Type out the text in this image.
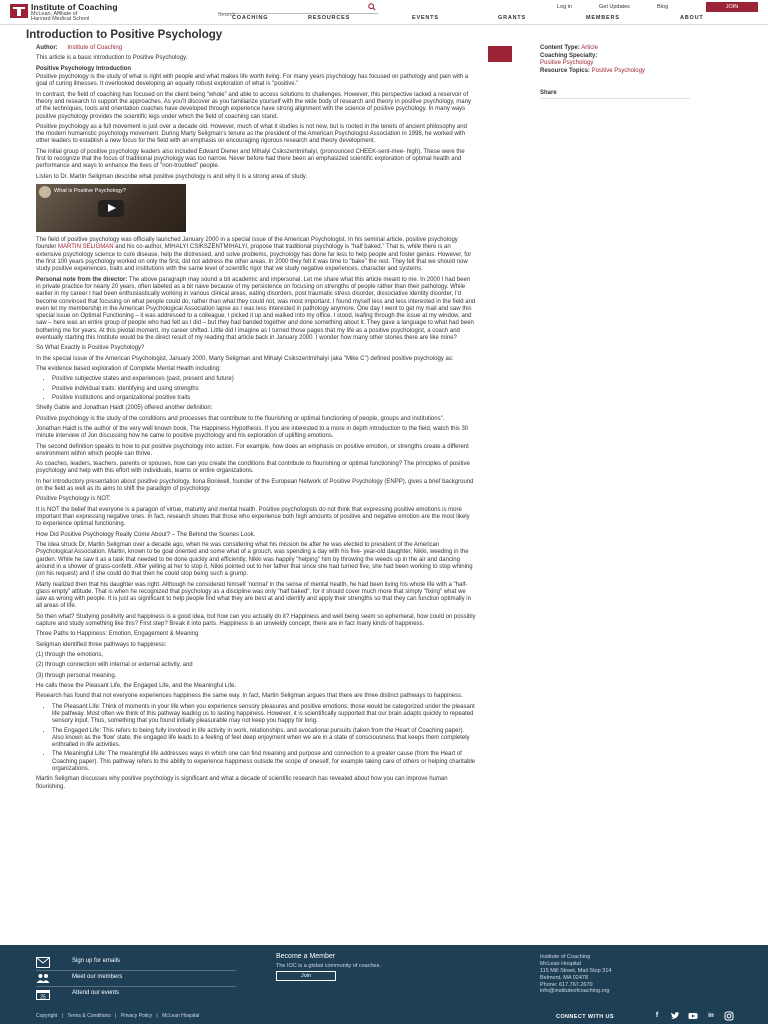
Institute of Coaching
McLean, Affiliate of
Harvard Medical School
Search
Log in	Get Updates	Blog	JOIN
COACHING	RESOURCES	EVENTS	GRANTS	MEMBERS	ABOUT
Introduction to Positive Psychology

Author: Institute of Coaching

This article is a basic introduction to Positive Psychology.

Positive Psychology Introduction

Positive psychology is the study of what is right with people and what makes life worth living. For many years psychology has focused on pathology and pain with a goal of curing illnesses. It overlooked developing an equally robust exploration of what is "positive."

In contrast, the field of coaching has focused on the client being "whole" and able to access solutions to challenges. However, this perspective lacked a reservoir of theory and research to support the approaches. As you'll discover as you familiarize yourself with the wide body of research and theory in positive psychology, many of the techniques, tools and orientation coaches have developed through experience have strong alignment with the science of positive psychology. In many ways positive psychology provides the scientific legs under which the field of coaching can stand.

Positive psychology as a full movement is just over a decade old. However, much of what it studies is not new, but is rooted in the tenets of ancient philosophy and the modern humanistic psychology movement. During Marty Seligman's tenure as the president of the American Psychologist Association in 1998, he worked with other leaders to establish a new focus for the field with an emphasis on encouraging rigorous research and theory development.

The initial group of positive psychology leaders also included Edward Diener and Mihalyi Csikszentmihalyi, (pronounced CHEEK-sent-mee- high). These were the first to recognize that the focus of traditional psychology was too narrow. Never before had there been an emphasized scientific exploration of optimal health and performance and ways to enhance the lives of "non-troubled" people.

Listen to Dr. Martin Seligman describe what positive psychology is and why it is a strong area of study.

What is Positive Psychology?

The field of positive psychology was officially launched January 2000 in a special issue of the American Psychologist. In his seminal article, positive psychology founder MARTIN SELIGMAN and his co-author, MIHALYI CSIKSZENTMIHALYI, propose that traditional psychology is "half baked." That is, while there is an extensive psychology science to cure disease, help the distressed, and solve problems, psychology has done far less to help people and foster genius. However, for the first 100 years psychology worked on only the first, did not address the other areas. In 2000 they felt it was time to "bake" the rest. They felt that we should now study positive experiences, traits and institutions with the same level of scientific rigor that we study negative experiences, character and systems.

Personal note from the director: The above paragraph may sound a bit academic and impersonal. Let me share what this article meant to me. In 2000 I had been in private practice for nearly 20 years, often labeled as a bit naive because of my persistence on focusing on strengths of people rather than their pathology. While earlier in my career I had been enthusiastically working in various clinical areas, eating disorders, post traumatic stress disorder, dissociative identity disorder, I'd become convinced that focusing on what people could do, rather than what they could not, was most important. I found myself less and less interested in the field and even let my membership in the American Psychological Association lapse as I was less interested in pathology anymore. One day I went to get my mail and saw this special issue on Optimal Functioning – it was addressed to a colleague, I picked it up and walked into my office. I stood, leafing through the issue at my window, and saw – here was an entire group of people who had felt as I did – but they had banded together and done something about it. They gave a language to what had been bothering me for years. At this pivotal moment, my career shifted. Little did I imagine as I turned those pages that my life as a positive psychologist, a coach and eventually starting this Institute would be the direct result of my reading that article back in January 2000. I wonder how many other stories there are like mine?

So What Exactly is Positive Psychology?

In the special issue of the American Psychologist, January 2000, Marty Seligman and Mihalyi Csikszentmihalyi (aka "Mike C") defined positive psychology as:

The evidence based exploration of Complete Mental Health including:

• Positive subjective states and experiences (past, present and future)
• Positive individual traits: identifying and using strengths
• Positive institutions and organizational positive traits

Shelly Gable and Jonathan Haidt (2005) offered another definition:

Positive psychology is the study of the conditions and processes that contribute to the flourishing or optimal functioning of people, groups and institutions".

Jonathan Haidt is the author of the very well known book, The Happiness Hypothesis. If you are interested to a more in depth introduction to the field, watch this 30 minute interview of Jon discussing how he came to positive psychology and his exploration of uplifting emotions.

The second definition speaks to how to put positive psychology into action. For example, how does an emphasis on positive emotion, or strengths create a different environment within which people can thrive.

As coaches, leaders, teachers, parents or spouses, how can you create the conditions that contribute to flourishing or optimal functioning? The principles of positive psychology and help with this effort with individuals, teams or entire organizations.

In her introductory presentation about positive psychology, Ilona Boniwell, founder of the European Network of Positive Psychology (ENPP), gives a brief background on the field as well as its aims to shift the paradigm of psychology.

Positive Psychology is NOT:

It is NOT the belief that everyone is a paragon of virtue, maturity and mental health. Positive psychologists do not think that expressing positive emotions is more important than expressing negative ones. In fact, research shows that those who experience both high amounts of positive and negative emotion are the most likely to experience optimal functioning.

How Did Positive Psychology Really Come About? – The Behind the Scenes Look.

The idea struck Dr. Martin Seligman over a decade ago, when he was considering what his mission be after he was elected to president of the American Psychological Association. Martin, known to be goal oriented and some what of a grouch, was spending a day with his five- year-old daughter, Nikki, weeding in the garden. While he saw it as a task that needed to be done quickly and efficiently, Nikki was happily "helping" him by throwing the weeds up in the air and dancing around in a shower of grass-confetti. After yelling at her to stop it, Nikki pointed out to her father that since she had turned five, she had been working to stop whining (on his request) and if she could do that then he could stop being such a grump.

Marty realized then that his daughter was right. Although he considered himself 'normal' in the sense of mental health, he had been living his whole life with a "half-glass empty" attitude. That is when he recognized that psychology as a discipline was only "half baked", for it should cover much more that simply "fixing" what we saw as wrong with people. It is just as significant to help people find what they are best at and identify and apply their strengths so that they can function optimally in all areas of life.

So then what? Studying positivity and happiness is a good idea, but how can you actually do it? Happiness and well being seem so ephemeral, how could on possibly capture and study something like this? First step? Break it into parts. Happiness is an unwieldy concept, there are in fact many kinds of happiness.

Three Paths to Happiness: Emotion, Engagement & Meaning

Seligman identified three pathways to happiness:

(1) through the emotions,

(2) through connection with internal or external activity, and

(3) through personal meaning.

He calls these the Pleasant Life, the Engaged Life, and the Meaningful Life.

Research has found that not everyone experiences happiness the same way. In fact, Martin Seligman argues that there are three distinct pathways to happiness.

• The Pleasant Life: Think of moments in your life when you experience sensory pleasures and positive emotions; those would be categorized under the pleasant life pathway. Most often we think of this pathway leading us to lasting happiness. However, it is scientifically supported that our brain adapts quickly to repeated sensory input. Thus, something that you found initially pleasurable may not keep you happy for long.
• The Engaged Life: This refers to being fully involved in life activity in work, relationships, and avocational pursuits (taken from the Heart of Coaching paper). Also known as the 'flow' state, the engaged life leads to a feeling of feel deep enjoyment when we are in a state of consciousness that keeps them completely enthralled in life activities.
• The Meaningful Life: The meaningful life addresses ways in which one can find meaning and purpose and connection to a greater cause (from the Heart of Coaching paper). This pathway refers to the ability to experience happiness outside the scope of oneself, for example taking care of others or helping charitable organizations.

Martin Seligman discusses why positive psychology is significant and what a decade of scientific research has revealed about how you can improve human flourishing.

Content Type: Article
Coaching Specialty:
Positive Psychology
Resource Topics: Positive Psychology
Share
Sign up for emails
Meet our members
25
Attend our events
Become a Member
The IOC is a global community of coaches.
Join
Institute of Coaching
McLean Hospital
115 Mill Street, Mail Stop 314
Belmont, MA 02478
Phone: 617.767.2670
info@instituteofcoaching.org
Copyright | Terms & Conditions | Privacy Policy | McLean Hospital	CONNECT WITH US	f	in
